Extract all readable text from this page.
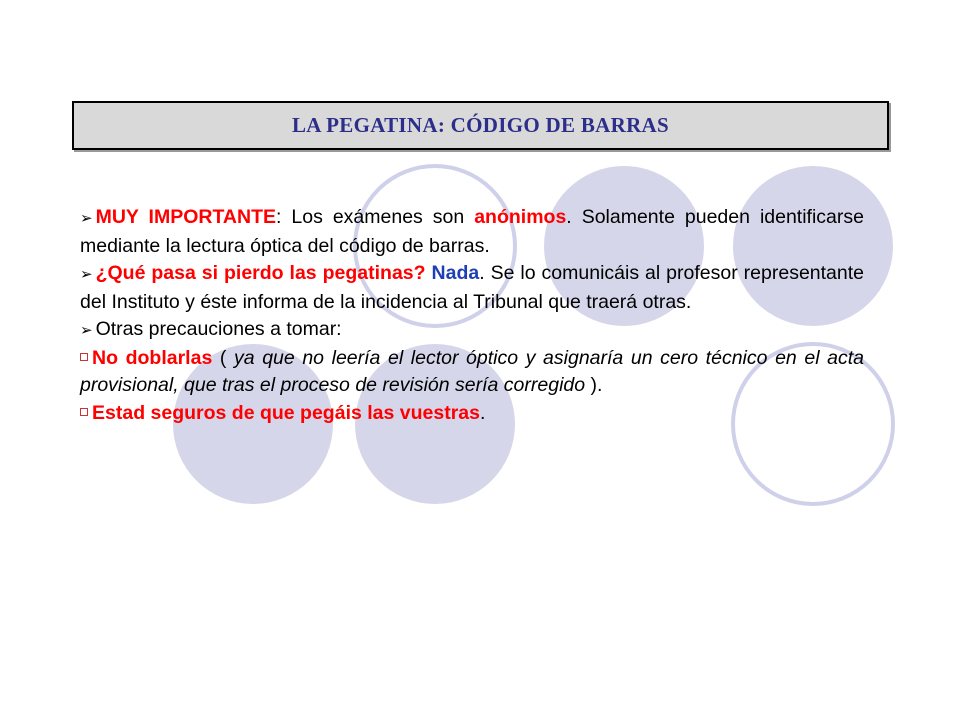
LA PEGATINA: CÓDIGO DE BARRAS

➢ MUY IMPORTANTE: Los exámenes son anónimos. Solamente pueden identificarse mediante la lectura óptica del código de barras.

➢ ¿Qué pasa si pierdo las pegatinas? Nada. Se lo comunicáis al profesor representante del Instituto y éste informa de la incidencia al Tribunal que traerá otras.

➢ Otras precauciones a tomar:

No doblarlas ( ya que no leería el lector óptico y asignaría un cero técnico en el acta provisional, que tras el proceso de revisión sería corregido ).

Estad seguros de que pegáis las vuestras.
